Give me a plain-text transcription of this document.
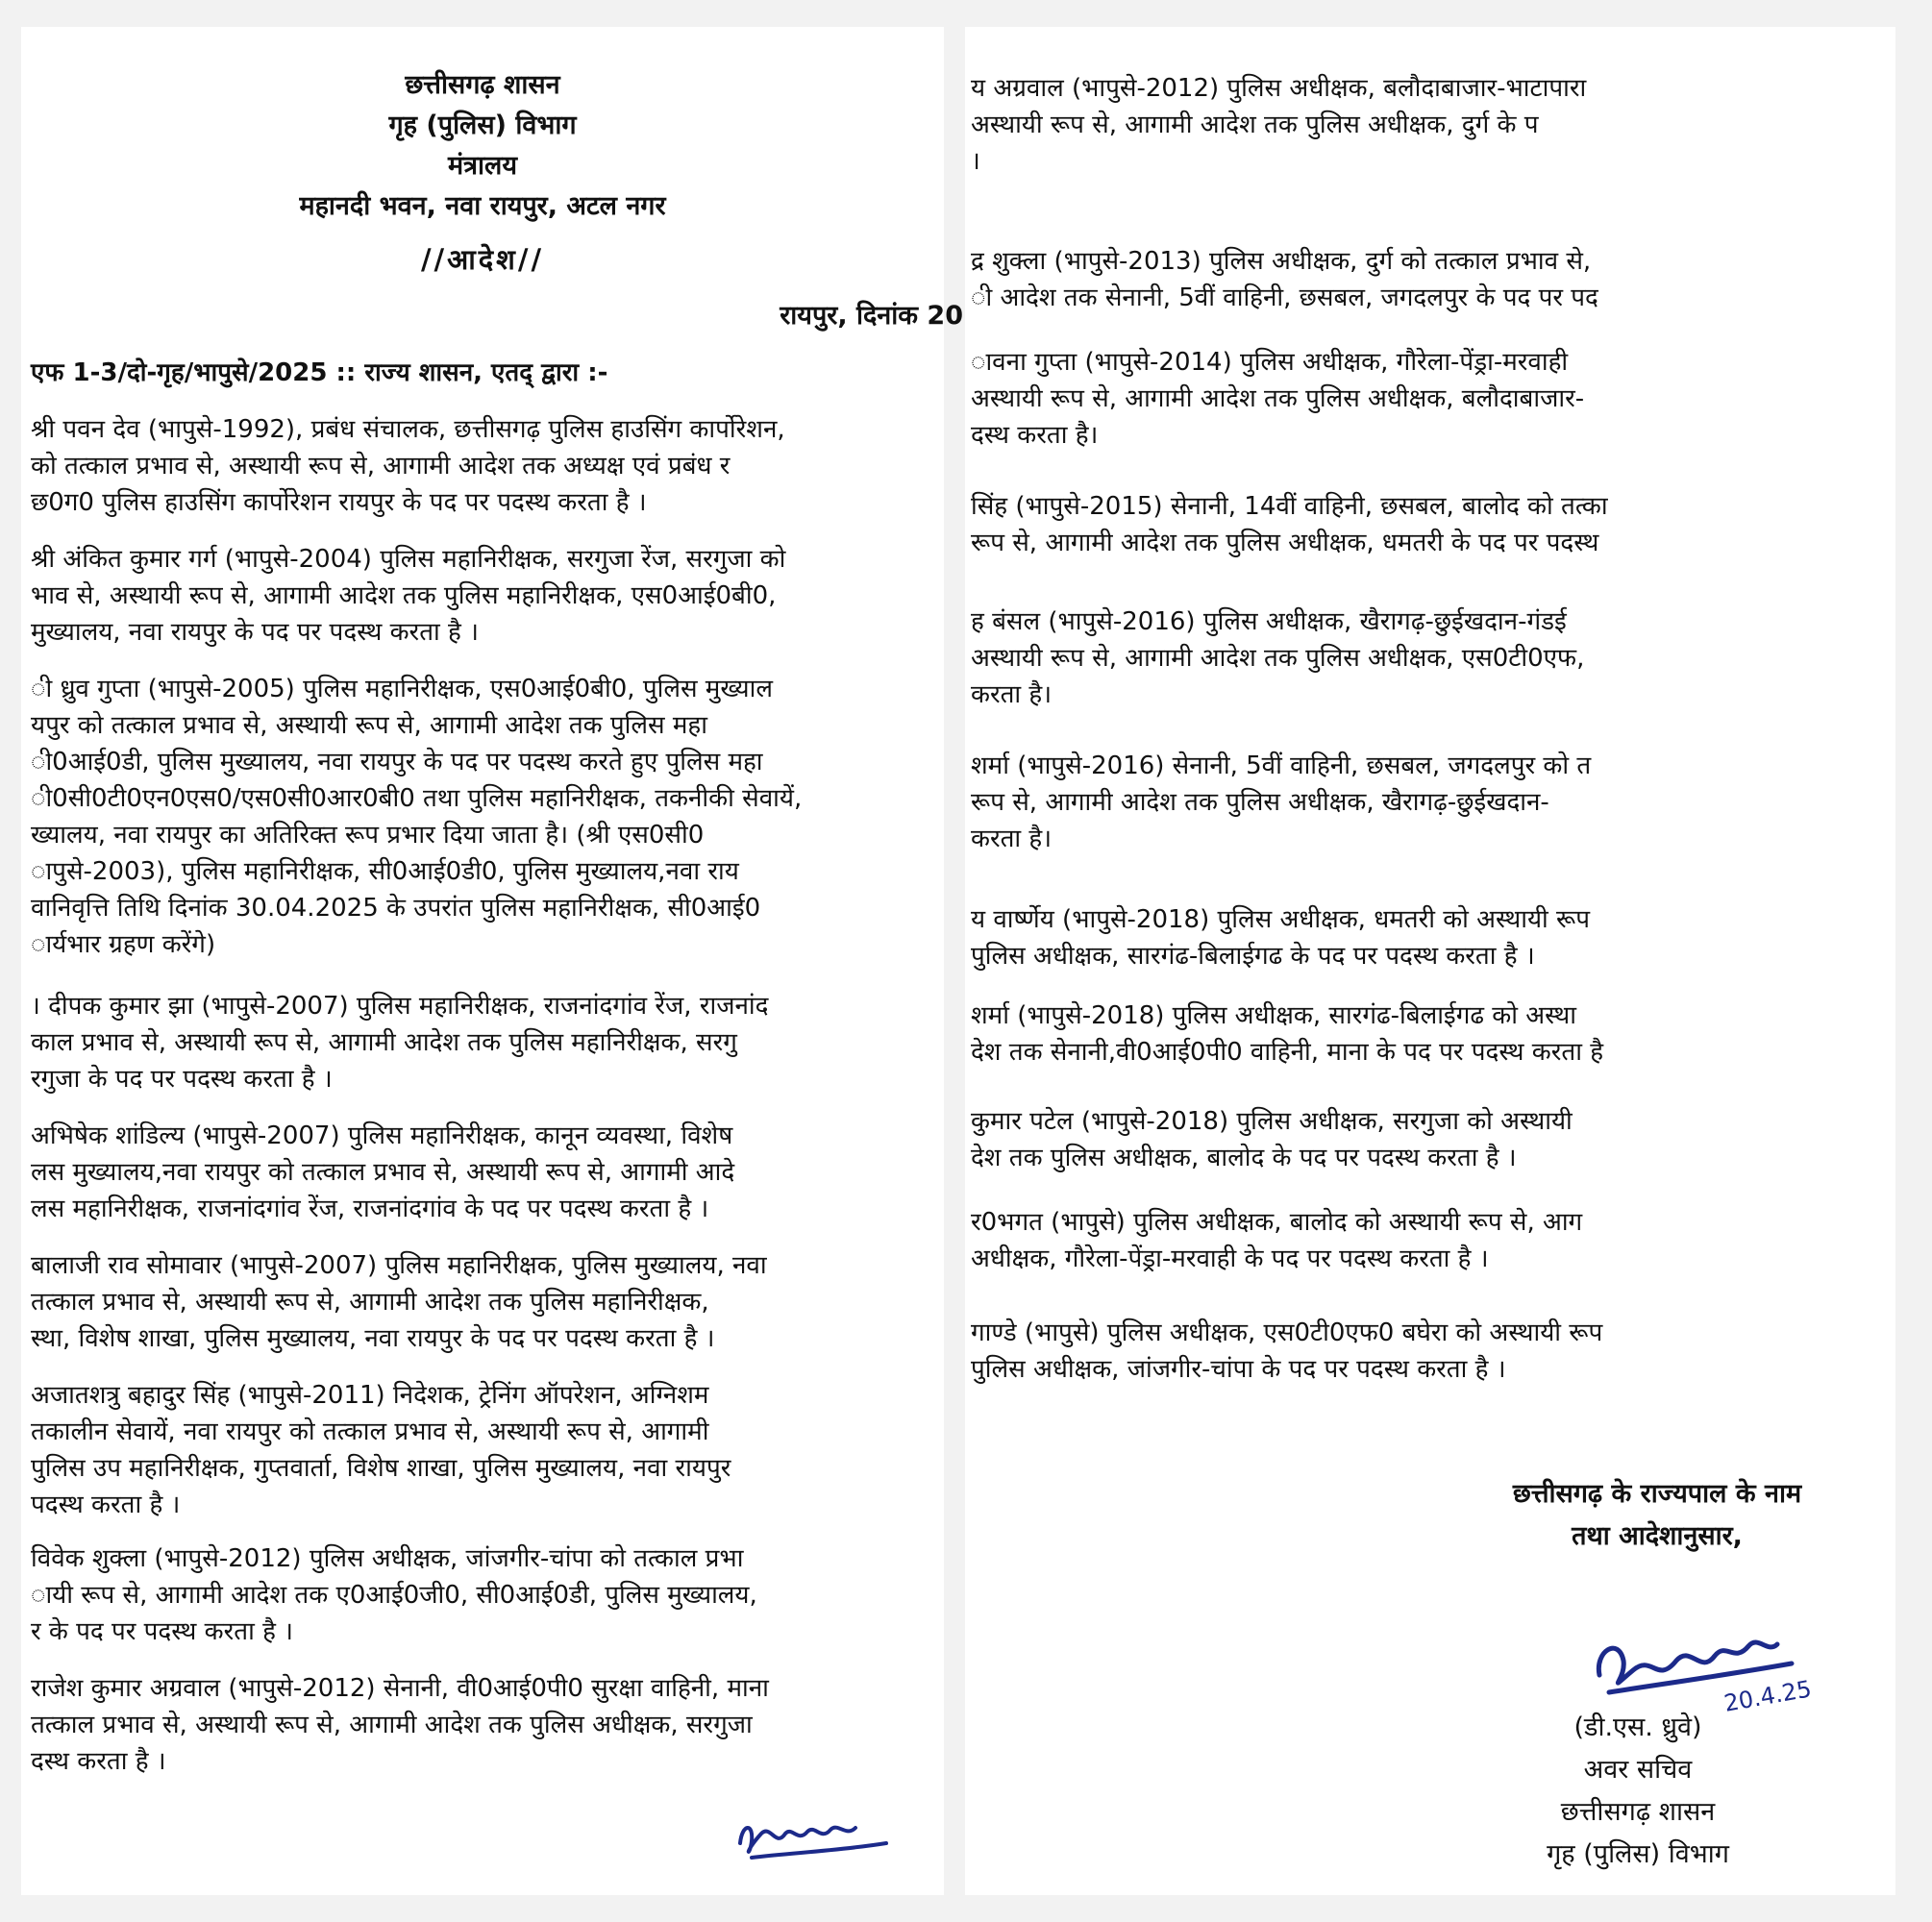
छत्तीसगढ़ शासन
गृह (पुलिस) विभाग
मंत्रालय
महानदी भवन, नवा रायपुर, अटल नगर
//आदेश//
रायपुर, दिनांक 20
एफ 1-3/दो-गृह/भापुसे/2025 :: राज्य शासन, एतद् द्वारा :-
श्री पवन देव (भापुसे-1992), प्रबंध संचालक, छत्तीसगढ़ पुलिस हाउसिंग कार्पोरेशन,
को तत्काल प्रभाव से, अस्थायी रूप से, आगामी आदेश तक अध्यक्ष एवं प्रबंध र
छ0ग0 पुलिस हाउसिंग कार्पोरेशन रायपुर के पद पर पदस्थ करता है ।
श्री अंकित कुमार गर्ग (भापुसे-2004) पुलिस महानिरीक्षक, सरगुजा रेंज, सरगुजा को
भाव से, अस्थायी रूप से, आगामी आदेश तक पुलिस महानिरीक्षक, एस0आई0बी0,
मुख्यालय, नवा रायपुर के पद पर पदस्थ करता है ।
ी ध्रुव गुप्ता (भापुसे-2005) पुलिस महानिरीक्षक, एस0आई0बी0, पुलिस मुख्याल
यपुर को तत्काल प्रभाव से, अस्थायी रूप से, आगामी आदेश तक पुलिस महा
ी0आई0डी, पुलिस मुख्यालय, नवा रायपुर के पद पर पदस्थ करते हुए पुलिस महा
ी0सी0टी0एन0एस0/एस0सी0आर0बी0 तथा पुलिस महानिरीक्षक, तकनीकी सेवायें,
ख्यालय, नवा रायपुर का अतिरिक्त रूप प्रभार दिया जाता है। (श्री एस0सी0
ापुसे-2003), पुलिस महानिरीक्षक, सी0आई0डी0, पुलिस मुख्यालय,नवा राय
वानिवृत्ति तिथि दिनांक 30.04.2025 के उपरांत पुलिस महानिरीक्षक, सी0आई0
ार्यभार ग्रहण करेंगे)
। दीपक कुमार झा (भापुसे-2007) पुलिस महानिरीक्षक, राजनांदगांव रेंज, राजनांद
काल प्रभाव से, अस्थायी रूप से, आगामी आदेश तक पुलिस महानिरीक्षक, सरगु
रगुजा के पद पर पदस्थ करता है ।
अभिषेक शांडिल्य (भापुसे-2007) पुलिस महानिरीक्षक, कानून व्यवस्था, विशेष
लस मुख्यालय,नवा रायपुर को तत्काल प्रभाव से, अस्थायी रूप से, आगामी आदे
लस महानिरीक्षक, राजनांदगांव रेंज, राजनांदगांव के पद पर पदस्थ करता है ।
बालाजी राव सोमावार (भापुसे-2007) पुलिस महानिरीक्षक, पुलिस मुख्यालय, नवा
तत्काल प्रभाव से, अस्थायी रूप से, आगामी आदेश तक पुलिस महानिरीक्षक,
स्था, विशेष शाखा, पुलिस मुख्यालय, नवा रायपुर के पद पर पदस्थ करता है ।
अजातशत्रु बहादुर सिंह (भापुसे-2011) निदेशक, ट्रेनिंग ऑपरेशन, अग्निशम
तकालीन सेवायें, नवा रायपुर को तत्काल प्रभाव से, अस्थायी रूप से, आगामी
पुलिस उप महानिरीक्षक, गुप्तवार्ता, विशेष शाखा, पुलिस मुख्यालय, नवा रायपुर
पदस्थ करता है ।
विवेक शुक्ला (भापुसे-2012) पुलिस अधीक्षक, जांजगीर-चांपा को तत्काल प्रभा
ायी रूप से, आगामी आदेश तक ए0आई0जी0, सी0आई0डी, पुलिस मुख्यालय,
र के पद पर पदस्थ करता है ।
राजेश कुमार अग्रवाल (भापुसे-2012) सेनानी, वी0आई0पी0 सुरक्षा वाहिनी, माना
तत्काल प्रभाव से, अस्थायी रूप से, आगामी आदेश तक पुलिस अधीक्षक, सरगुजा
दस्थ करता है ।
य अग्रवाल (भापुसे-2012) पुलिस अधीक्षक, बलौदाबाजार-भाटापारा
अस्थायी रूप से, आगामी आदेश तक पुलिस अधीक्षक, दुर्ग के प
।
द्र शुक्ला (भापुसे-2013) पुलिस अधीक्षक, दुर्ग को तत्काल प्रभाव से,
ी आदेश तक सेनानी, 5वीं वाहिनी, छसबल, जगदलपुर के पद पर पद
ावना गुप्ता (भापुसे-2014) पुलिस अधीक्षक, गौरेला-पेंड्रा-मरवाही
अस्थायी रूप से, आगामी आदेश तक पुलिस अधीक्षक, बलौदाबाजार-
दस्थ करता है।
सिंह (भापुसे-2015) सेनानी, 14वीं वाहिनी, छसबल, बालोद को तत्का
रूप से, आगामी आदेश तक पुलिस अधीक्षक, धमतरी के पद पर पदस्थ
ह बंसल (भापुसे-2016) पुलिस अधीक्षक, खैरागढ़-छुईखदान-गंडई
अस्थायी रूप से, आगामी आदेश तक पुलिस अधीक्षक, एस0टी0एफ,
करता है।
शर्मा (भापुसे-2016) सेनानी, 5वीं वाहिनी, छसबल, जगदलपुर को त
रूप से, आगामी आदेश तक पुलिस अधीक्षक, खैरागढ़-छुईखदान-
करता है।
य वार्ष्णेय (भापुसे-2018) पुलिस अधीक्षक, धमतरी को अस्थायी रूप
पुलिस अधीक्षक, सारगंढ-बिलाईगढ के पद पर पदस्थ करता है ।
शर्मा (भापुसे-2018) पुलिस अधीक्षक, सारगंढ-बिलाईगढ को अस्था
देश तक सेनानी,वी0आई0पी0 वाहिनी, माना के पद पर पदस्थ करता है
कुमार पटेल (भापुसे-2018) पुलिस अधीक्षक, सरगुजा को अस्थायी
देश तक पुलिस अधीक्षक, बालोद के पद पर पदस्थ करता है ।
र0भगत (भापुसे) पुलिस अधीक्षक, बालोद को अस्थायी रूप से, आग
अधीक्षक, गौरेला-पेंड्रा-मरवाही के पद पर पदस्थ करता है ।
गाण्डे (भापुसे) पुलिस अधीक्षक, एस0टी0एफ0 बघेरा को अस्थायी रूप
पुलिस अधीक्षक, जांजगीर-चांपा के पद पर पदस्थ करता है ।
छत्तीसगढ़ के राज्यपाल के नाम
तथा आदेशानुसार,
20.4.25
(डी.एस. ध्रुवे)
अवर सचिव
छत्तीसगढ़ शासन
गृह (पुलिस) विभाग
